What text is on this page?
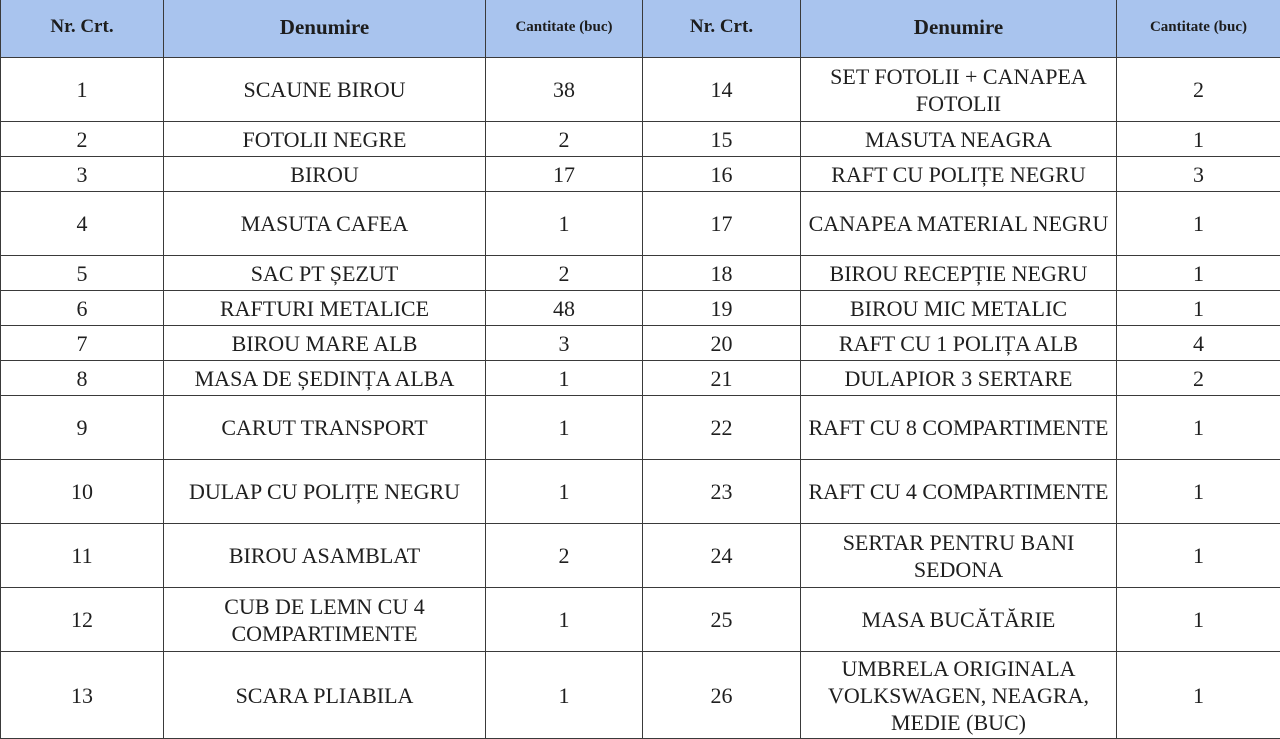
Nr. Crt.	Denumire	Cantitate (buc)	Nr. Crt.	Denumire	Cantitate (buc)
1	SCAUNE BIROU	38	14	SET FOTOLII + CANAPEA FOTOLII	2
2	FOTOLII NEGRE	2	15	MASUTA NEAGRA	1
3	BIROU	17	16	RAFT CU POLIȚE NEGRU	3
4	MASUTA CAFEA	1	17	CANAPEA MATERIAL NEGRU	1
5	SAC PT ȘEZUT	2	18	BIROU RECEPȚIE NEGRU	1
6	RAFTURI METALICE	48	19	BIROU MIC METALIC	1
7	BIROU MARE ALB	3	20	RAFT CU 1 POLIȚA ALB	4
8	MASA DE ȘEDINȚA ALBA	1	21	DULAPIOR 3 SERTARE	2
9	CARUT TRANSPORT	1	22	RAFT CU 8 COMPARTIMENTE	1
10	DULAP CU POLIȚE NEGRU	1	23	RAFT CU 4 COMPARTIMENTE	1
11	BIROU ASAMBLAT	2	24	SERTAR PENTRU BANI SEDONA	1
12	CUB DE LEMN CU 4 COMPARTIMENTE	1	25	MASA BUCĂTĂRIE	1
13	SCARA PLIABILA	1	26	UMBRELA ORIGINALA VOLKSWAGEN, NEAGRA, MEDIE (BUC)	1
